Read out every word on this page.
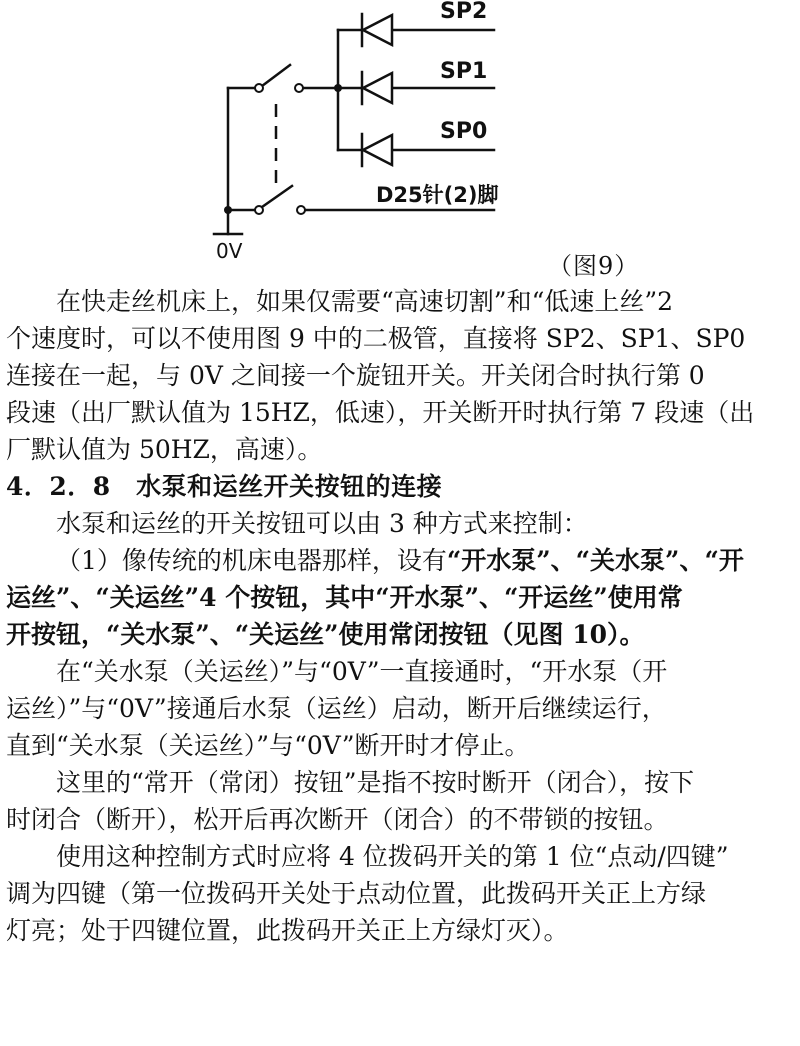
SP2
SP1
SP0
D25针(2)脚
0V
（图9）

在快走丝机床上，如果仅需要“高速切割”和“低速上丝”2

个速度时，可以不使用图 9 中的二极管，直接将 SP2、SP1、SP0

连接在一起，与 0V 之间接一个旋钮开关。开关闭合时执行第 0

段速（出厂默认值为 15HZ，低速），开关断开时执行第 7 段速（出

厂默认值为 50HZ，高速）。

4．2．8　水泵和运丝开关按钮的连接

水泵和运丝的开关按钮可以由 3 种方式来控制：

（1）像传统的机床电器那样，设有“开水泵”、“关水泵”、“开

运丝”、“关运丝”4 个按钮，其中“开水泵”、“开运丝”使用常

开按钮，“关水泵”、“关运丝”使用常闭按钮（见图 10）。

在“关水泵（关运丝）”与“0V”一直接通时，“开水泵（开

运丝）”与“0V”接通后水泵（运丝）启动，断开后继续运行，

直到“关水泵（关运丝）”与“0V”断开时才停止。

这里的“常开（常闭）按钮”是指不按时断开（闭合），按下

时闭合（断开），松开后再次断开（闭合）的不带锁的按钮。

使用这种控制方式时应将 4 位拨码开关的第 1 位“点动/四键”

调为四键（第一位拨码开关处于点动位置，此拨码开关正上方绿

灯亮；处于四键位置，此拨码开关正上方绿灯灭）。
